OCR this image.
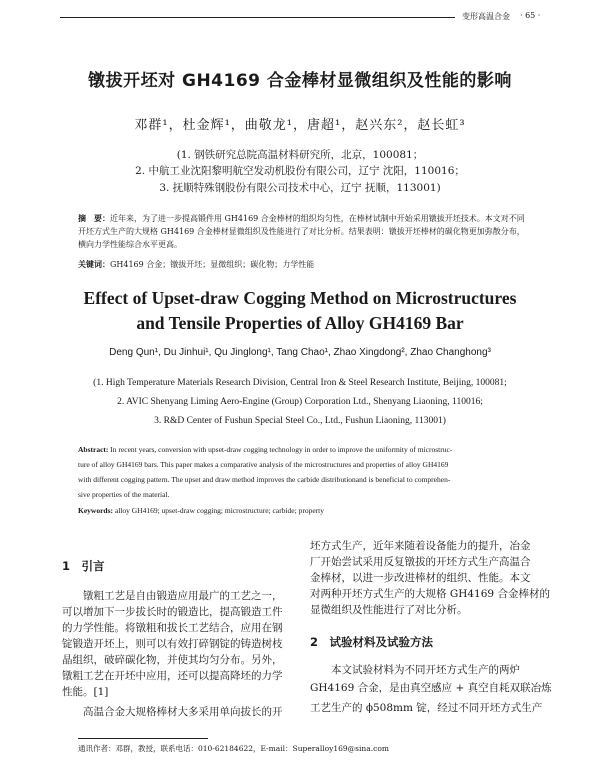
变形高温合金 · 65 ·
镦拔开坯对 GH4169 合金棒材显微组织及性能的影响
邓群¹，杜金辉¹，曲敬龙¹，唐超¹，赵兴东²，赵长虹³
(1. 钢铁研究总院高温材料研究所，北京，100081；
2. 中航工业沈阳黎明航空发动机股份有限公司，辽宁 沈阳，110016；
3. 抚顺特殊钢股份有限公司技术中心，辽宁 抚顺，113001)
摘　要：近年来，为了进一步提高锻件用 GH4169 合金棒材的组织均匀性，在棒材试制中开始采用镦拔开坯技术。本文对不同开坯方式生产的大规格 GH4169 合金棒材显微组织及性能进行了对比分析。结果表明：镦拔开坯棒材的碳化物更加弥散分布，横向力学性能综合水平更高。
关键词：GH4169 合金；镦拔开坯；显微组织；碳化物；力学性能
Effect of Upset-draw Cogging Method on Microstructures
and Tensile Properties of Alloy GH4169 Bar
Deng Qun¹, Du Jinhui¹, Qu Jinglong¹, Tang Chao¹, Zhao Xingdong², Zhao Changhong³
(1. High Temperature Materials Research Division, Central Iron & Steel Research Institute, Beijing, 100081;
2. AVIC Shenyang Liming Aero-Engine (Group) Corporation Ltd., Shenyang Liaoning, 110016;
3. R&D Center of Fushun Special Steel Co., Ltd., Fushun Liaoning, 113001)
Abstract: In recent years, conversion with upset-draw cogging technology in order to improve the uniformity of microstruc-
ture of alloy GH4169 bars. This paper makes a comparative analysis of the microstructures and properties of alloy GH4169
with different cogging pattern. The upset and draw method improves the carbide distributionand is beneficial to comprehen-
sive properties of the material.
Keywords: alloy GH4169; upset-draw cogging; microstructure; carbide; property
1　引言
　　镦粗工艺是自由锻造应用最广的工艺之一，
可以增加下一步拔长时的锻造比，提高锻造工件
的力学性能。将镦粗和拔长工艺结合，应用在钢
锭锻造开坯上，则可以有效打碎钢锭的铸造树枝
晶组织，破碎碳化物，并使其均匀分布。另外，
镦粗工艺在开坯中应用，还可以提高降坯的力学
性能。[1]
　　高温合金大规格棒材大多采用单向拔长的开
坯方式生产，近年来随着设备能力的提升，冶金
厂开始尝试采用反复镦拔的开坯方式生产高温合
金棒材，以进一步改进棒材的组织、性能。本文
对两种开坯方式生产的大规格 GH4169 合金棒材的
显微组织及性能进行了对比分析。
2　试验材料及试验方法
　　本文试验材料为不同开坯方式生产的两炉
GH4169 合金，是由真空感应 + 真空自耗双联冶炼
工艺生产的 ϕ508mm 锭，经过不同开坯方式生产
通讯作者：邓群，教授，联系电话：010-62184622，E-mail：Superalloy169@sina.com
